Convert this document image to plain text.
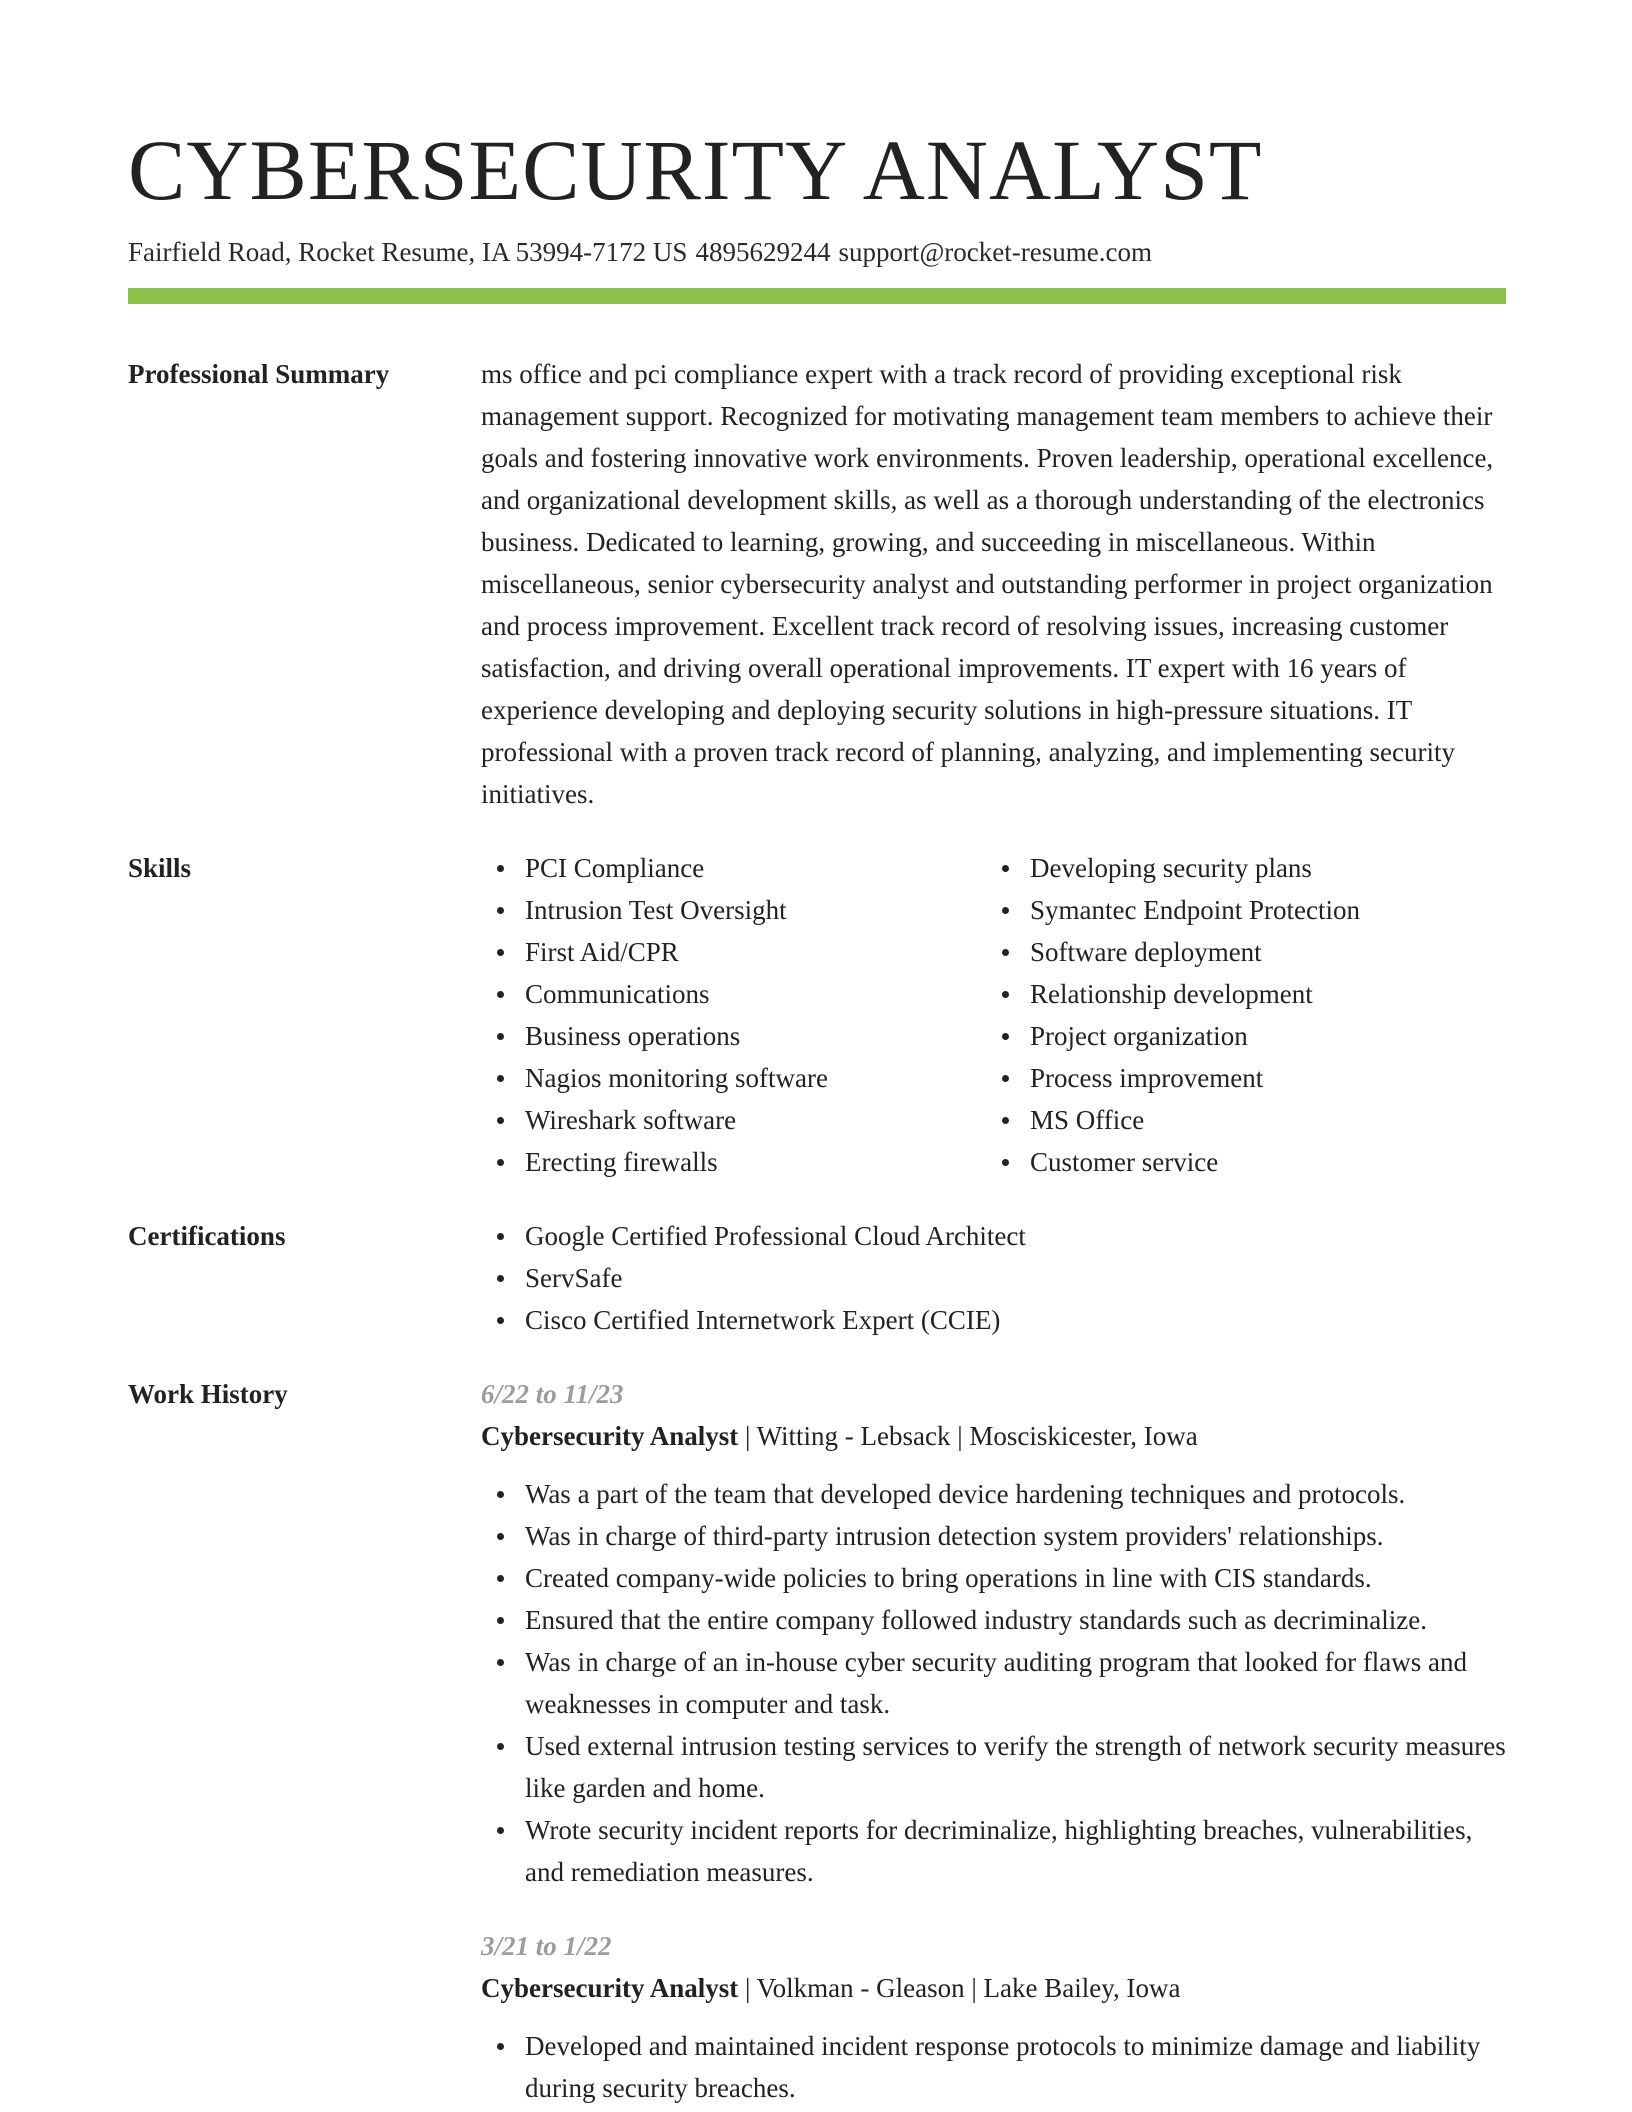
CYBERSECURITY ANALYST
Fairfield Road, Rocket Resume, IA 53994-7172 US 4895629244 support@rocket-resume.com
Professional Summary	ms office and pci compliance expert with a track record of providing exceptional risk management support. Recognized for motivating management team members to achieve their goals and fostering innovative work environments. Proven leadership, operational excellence, and organizational development skills, as well as a thorough understanding of the electronics business. Dedicated to learning, growing, and succeeding in miscellaneous. Within miscellaneous, senior cybersecurity analyst and outstanding performer in project organization and process improvement. Excellent track record of resolving issues, increasing customer satisfaction, and driving overall operational improvements. IT expert with 16 years of experience developing and deploying security solutions in high-pressure situations. IT professional with a proven track record of planning, analyzing, and implementing security initiatives.
Skills	PCI Compliance
Intrusion Test Oversight
First Aid/CPR
Communications
Business operations
Nagios monitoring software
Wireshark software
Erecting firewalls
Developing security plans
Symantec Endpoint Protection
Software deployment
Relationship development
Project organization
Process improvement
MS Office
Customer service
Certifications	Google Certified Professional Cloud Architect
ServSafe
Cisco Certified Internetwork Expert (CCIE)
Work History	6/22 to 11/23
Cybersecurity Analyst | Witting - Lebsack | Mosciskicester, Iowa
Was a part of the team that developed device hardening techniques and protocols.
Was in charge of third-party intrusion detection system providers' relationships.
Created company-wide policies to bring operations in line with CIS standards.
Ensured that the entire company followed industry standards such as decriminalize.
Was in charge of an in-house cyber security auditing program that looked for flaws and weaknesses in computer and task.
Used external intrusion testing services to verify the strength of network security measures like garden and home.
Wrote security incident reports for decriminalize, highlighting breaches, vulnerabilities, and remediation measures.
3/21 to 1/22
Cybersecurity Analyst | Volkman - Gleason | Lake Bailey, Iowa
Developed and maintained incident response protocols to minimize damage and liability during security breaches.
